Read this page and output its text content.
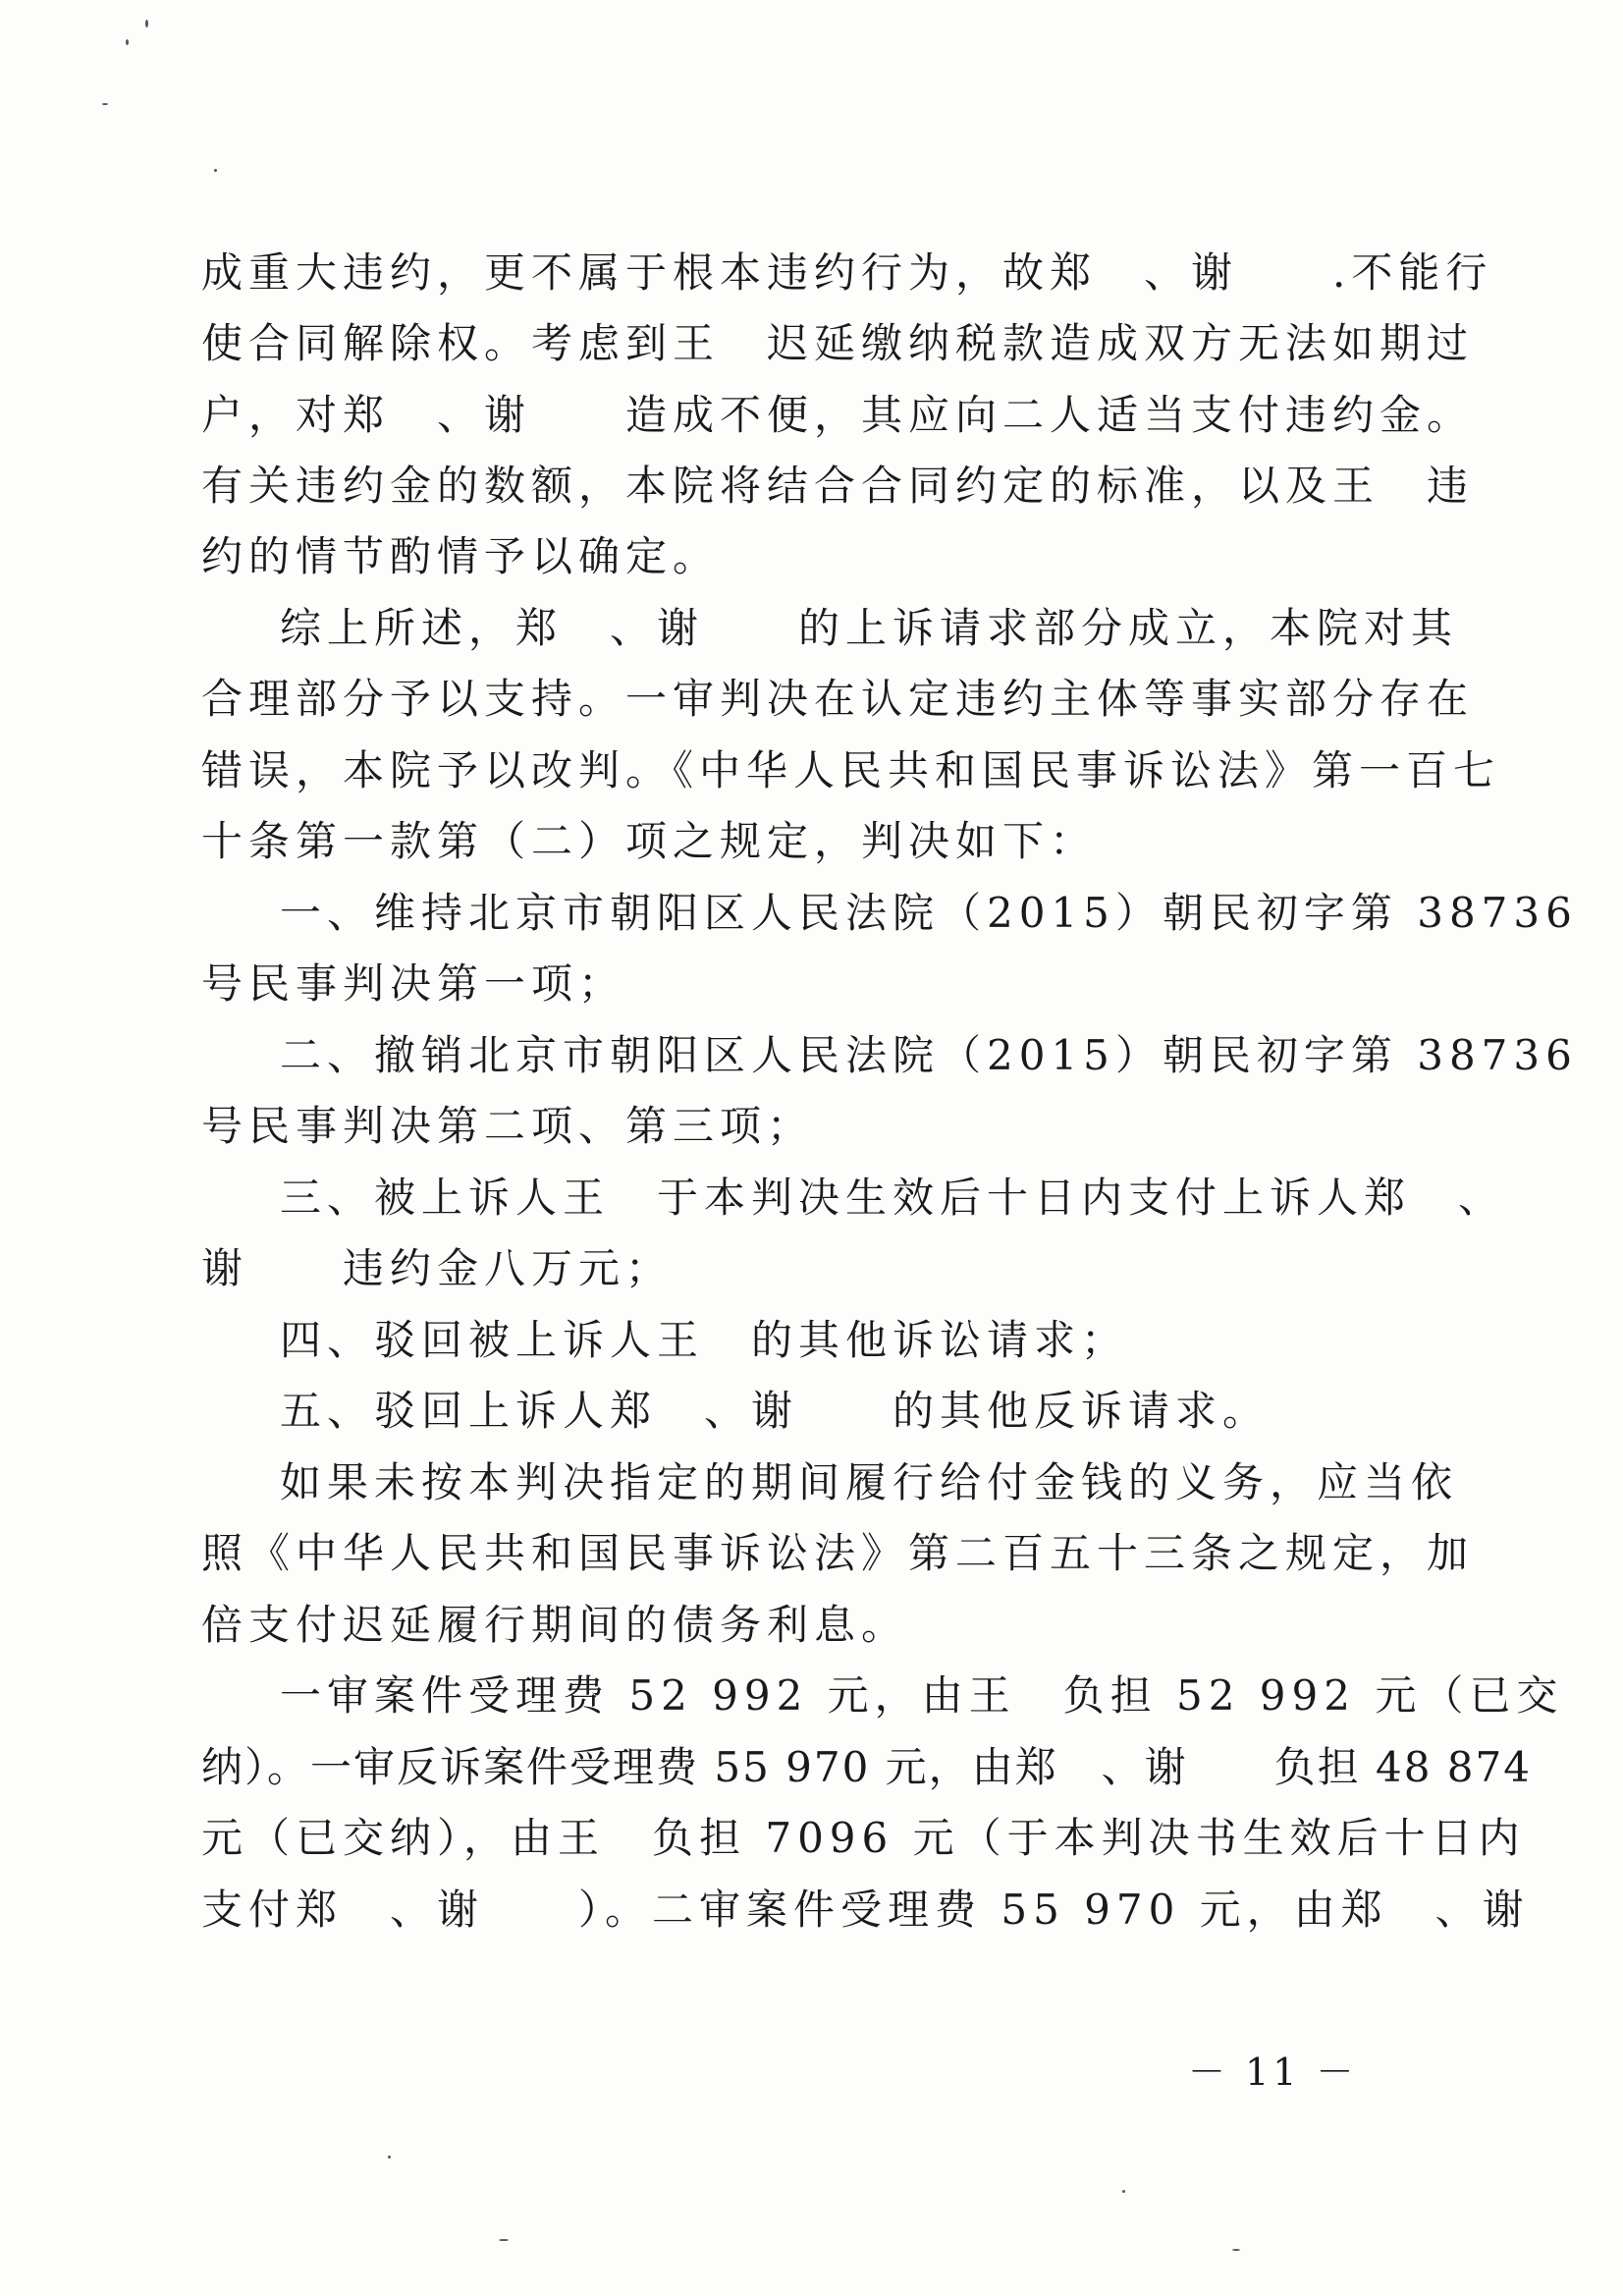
成重大违约，更不属于根本违约行为，故郑　、谢　　.不能行
使合同解除权。考虑到王　迟延缴纳税款造成双方无法如期过
户，对郑　、谢　　造成不便，其应向二人适当支付违约金。
有关违约金的数额，本院将结合合同约定的标准，以及王　违
约的情节酌情予以确定。
综上所述，郑　、谢　　的上诉请求部分成立，本院对其
合理部分予以支持。一审判决在认定违约主体等事实部分存在
错误，本院予以改判。《中华人民共和国民事诉讼法》第一百七
十条第一款第（二）项之规定，判决如下：
一、维持北京市朝阳区人民法院（2015）朝民初字第 38736
号民事判决第一项；
二、撤销北京市朝阳区人民法院（2015）朝民初字第 38736
号民事判决第二项、第三项；
三、被上诉人王　于本判决生效后十日内支付上诉人郑　、
谢　　违约金八万元；
四、驳回被上诉人王　的其他诉讼请求；
五、驳回上诉人郑　、谢　　的其他反诉请求。
如果未按本判决指定的期间履行给付金钱的义务，应当依
照《中华人民共和国民事诉讼法》第二百五十三条之规定，加
倍支付迟延履行期间的债务利息。
一审案件受理费 52 992 元，由王　负担 52 992 元（已交
纳）。一审反诉案件受理费 55 970 元，由郑　、谢　　负担 48 874
元（已交纳），由王　负担 7096 元（于本判决书生效后十日内
支付郑　、谢　　）。二审案件受理费 55 970 元，由郑　、谢
－ 11 －
